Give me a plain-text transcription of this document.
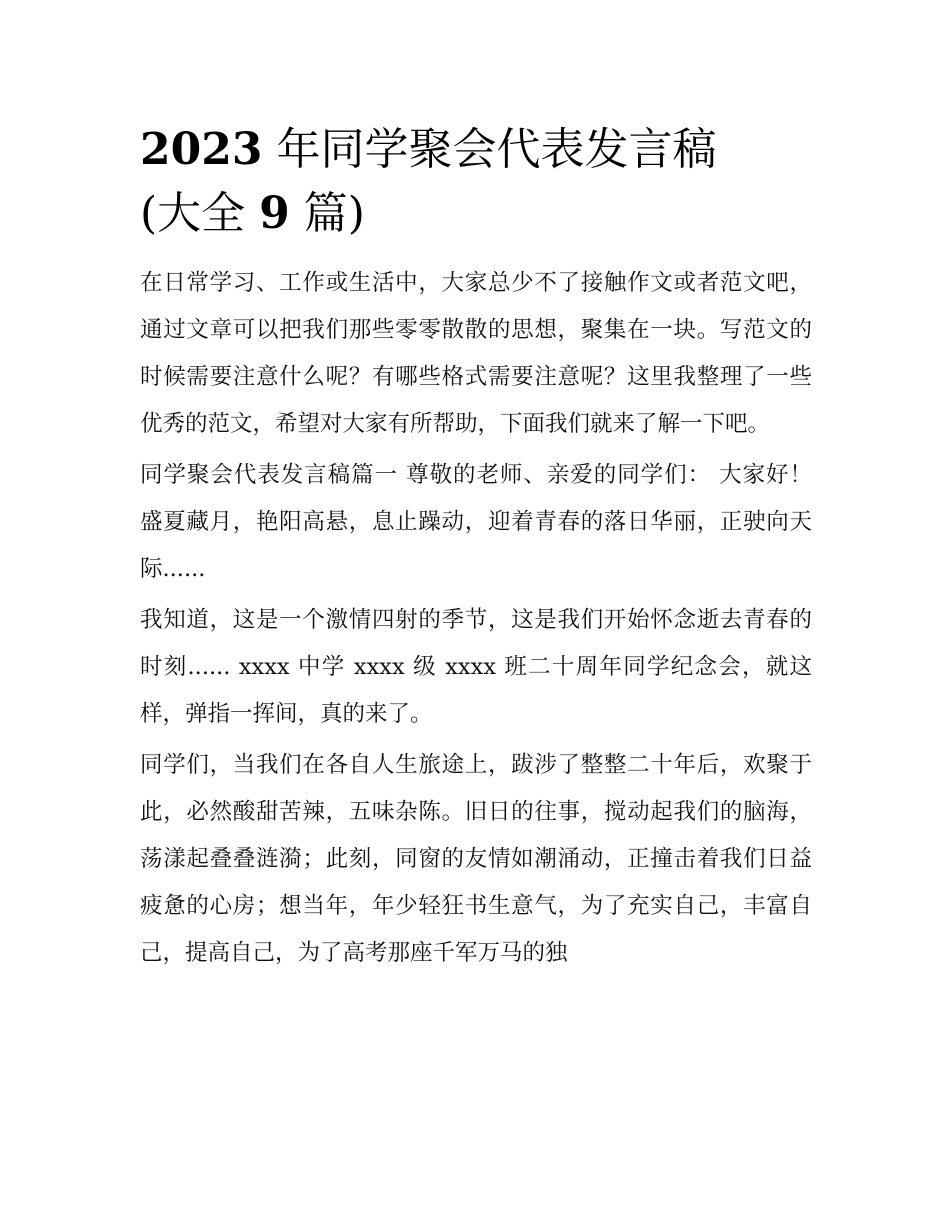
2023 年同学聚会代表发言稿
(大全 9 篇)

在日常学习、工作或生活中，大家总少不了接触作文或者范文吧，通过文章可以把我们那些零零散散的思想，聚集在一块。写范文的时候需要注意什么呢？有哪些格式需要注意呢？这里我整理了一些优秀的范文，希望对大家有所帮助，下面我们就来了解一下吧。

同学聚会代表发言稿篇一 尊敬的老师、亲爱的同学们： 大家好！ 盛夏藏月，艳阳高悬，息止躁动，迎着青春的落日华丽，正驶向天际......

我知道，这是一个激情四射的季节，这是我们开始怀念逝去青春的时刻...... xxxx 中学 xxxx 级 xxxx 班二十周年同学纪念会，就这样，弹指一挥间，真的来了。

同学们，当我们在各自人生旅途上，跋涉了整整二十年后，欢聚于此，必然酸甜苦辣，五味杂陈。旧日的往事，搅动起我们的脑海，荡漾起叠叠涟漪；此刻，同窗的友情如潮涌动，正撞击着我们日益疲惫的心房；想当年，年少轻狂书生意气，为了充实自己，丰富自己，提高自己，为了高考那座千军万马的独
